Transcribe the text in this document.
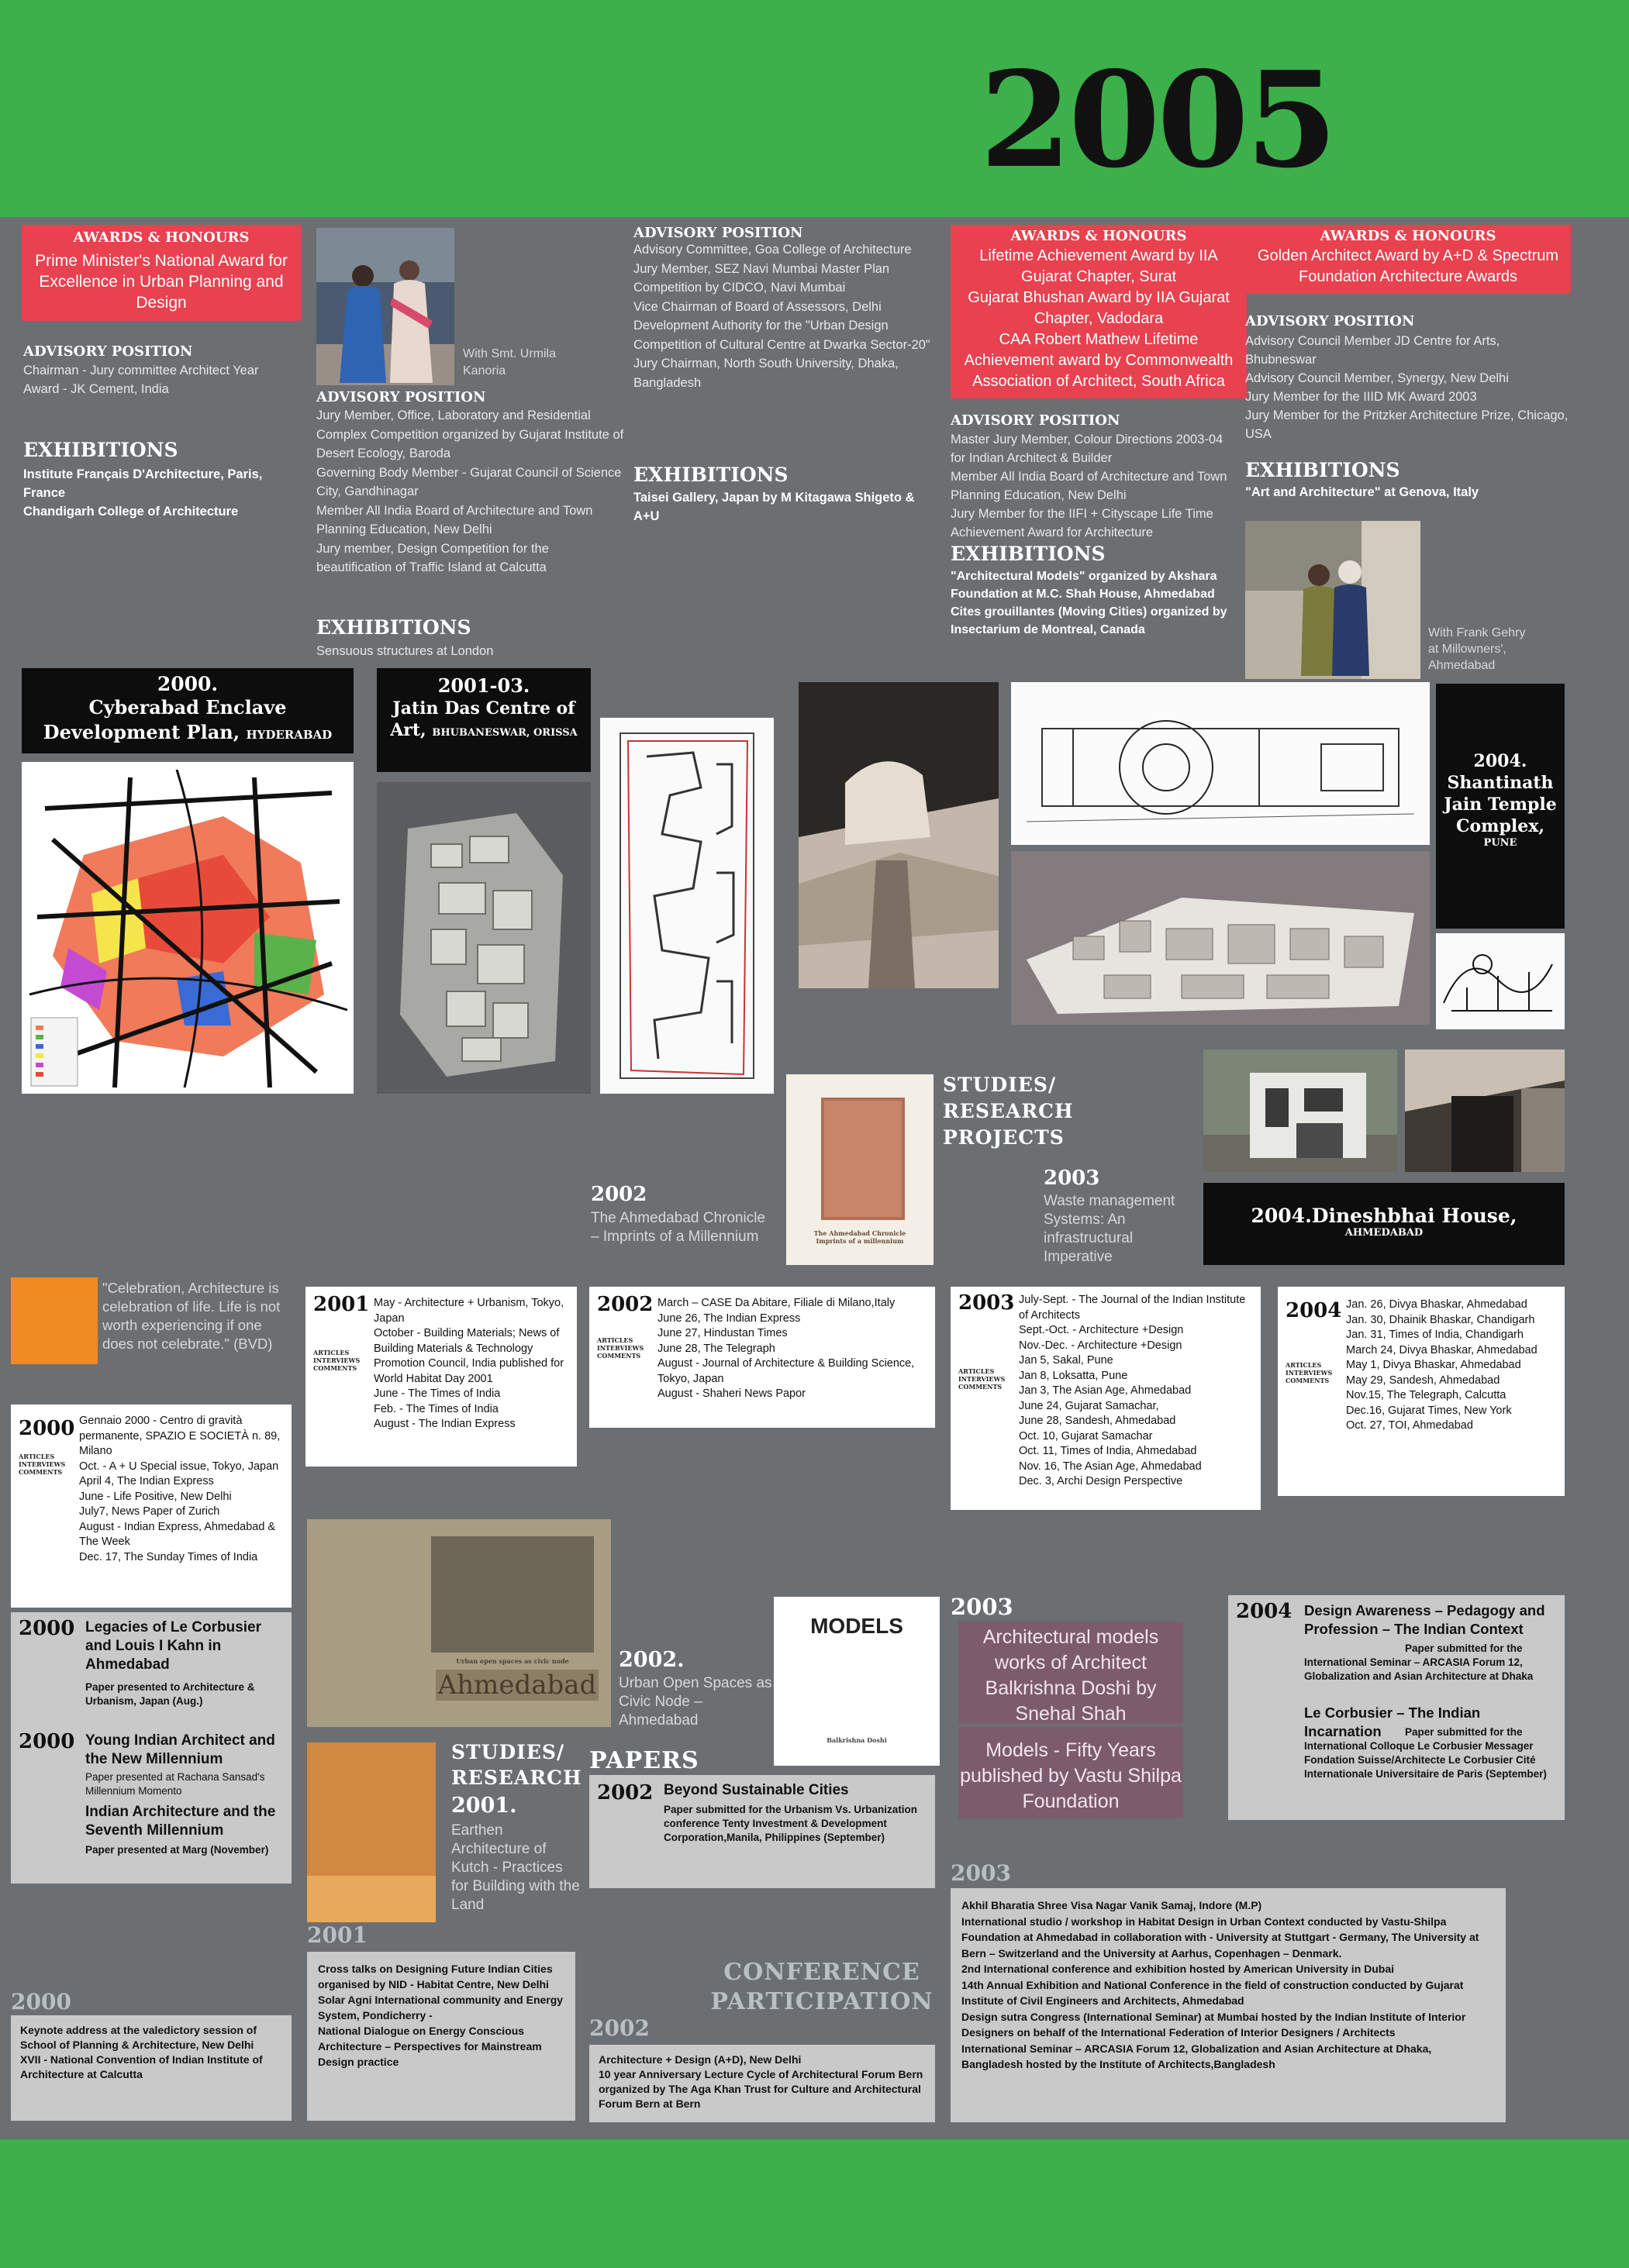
2005
AWARDS & HONOURS
Prime Minister's National Award for Excellence in Urban Planning and Design
ADVISORY POSITION
Chairman - Jury committee Architect Year Award - JK Cement, India
EXHIBITIONS
Institute Français D'Architecture, Paris, France
Chandigarh College of Architecture
With Smt. Urmila Kanoria
ADVISORY POSITION
Jury Member, Office, Laboratory and Residential Complex Competition organized by Gujarat Institute of Desert Ecology, Baroda
Governing Body Member - Gujarat Council of Science City, Gandhinagar
Member All India Board of Architecture and Town Planning Education, New Delhi
Jury member, Design Competition for the beautification of Traffic Island at Calcutta
EXHIBITIONS
Sensuous structures at London
ADVISORY POSITION
Advisory Committee, Goa College of Architecture
Jury Member, SEZ Navi Mumbai Master Plan Competition by CIDCO, Navi Mumbai
Vice Chairman of Board of Assessors, Delhi Development Authority for the "Urban Design Competition of Cultural Centre at Dwarka Sector-20"
Jury Chairman, North South University, Dhaka, Bangladesh
EXHIBITIONS
Taisei Gallery, Japan by M Kitagawa Shigeto & A+U
AWARDS & HONOURS
Lifetime Achievement Award by IIA Gujarat Chapter, Surat
Gujarat Bhushan Award by IIA Gujarat Chapter, Vadodara
CAA Robert Mathew Lifetime Achievement award by Commonwealth Association of Architect, South Africa
ADVISORY POSITION
Master Jury Member, Colour Directions 2003-04 for Indian Architect & Builder
Member All India Board of Architecture and Town Planning Education, New Delhi
Jury Member for the IIFI + Cityscape Life Time Achievement Award for Architecture
EXHIBITIONS
"Architectural Models" organized by Akshara Foundation at M.C. Shah House, Ahmedabad
Cites grouillantes (Moving Cities) organized by Insectarium de Montreal, Canada
AWARDS & HONOURS
Golden Architect Award by A+D & Spectrum Foundation Architecture Awards
ADVISORY POSITION
Advisory Council Member JD Centre for Arts, Bhubneswar
Advisory Council Member, Synergy, New Delhi
Jury Member for the IIID MK Award 2003
Jury Member for the Pritzker Architecture Prize, Chicago, USA
EXHIBITIONS
"Art and Architecture" at Genova, Italy
With Frank Gehry at Millowners', Ahmedabad
2000.
Cyberabad Enclave Development Plan, HYDERABAD
2001-03.
Jatin Das Centre of Art, BHUBANESWAR, ORISSA
2004. Shantinath Jain Temple Complex,
PUNE
The Ahmedabad Chronicle Imprints of a millennium
STUDIES/ RESEARCH PROJECTS
2002
The Ahmedabad Chronicle – Imprints of a Millennium
2003
Waste management Systems: An infrastructural Imperative
2004.Dineshbhai House,
AHMEDABAD
"Celebration, Architecture is celebration of life. Life is not worth experiencing if one does not celebrate." (BVD)
2000
ARTICLES INTERVIEWS COMMENTS
Gennaio 2000 - Centro di gravità permanente, SPAZIO E SOCIETÀ n. 89, Milano
Oct. - A + U Special issue, Tokyo, Japan
April 4, The Indian Express
June - Life Positive, New Delhi
July7, News Paper of Zurich
August - Indian Express, Ahmedabad & The Week
Dec. 17, The Sunday Times of India
2001
ARTICLES INTERVIEWS COMMENTS
May - Architecture + Urbanism, Tokyo, Japan
October - Building Materials; News of Building Materials & Technology Promotion Council, India published for World Habitat Day 2001
June - The Times of India
Feb. - The Times of India
August - The Indian Express
2002
ARTICLES INTERVIEWS COMMENTS
March – CASE Da Abitare, Filiale di Milano,Italy
June 26, The Indian Express
June 27, Hindustan Times
June 28, The Telegraph
August - Journal of Architecture & Building Science, Tokyo, Japan
August - Shaheri News Papor
2003
ARTICLES INTERVIEWS COMMENTS
July-Sept. - The Journal of the Indian Institute of Architects
Sept.-Oct. - Architecture +Design
Nov.-Dec. - Architecture +Design
Jan 5, Sakal, Pune
Jan 8, Loksatta, Pune
Jan 3, The Asian Age, Ahmedabad
June 24, Gujarat Samachar,
June 28, Sandesh, Ahmedabad
Oct. 10, Gujarat Samachar
Oct. 11, Times of India, Ahmedabad
Nov. 16, The Asian Age, Ahmedabad
Dec. 3, Archi Design Perspective
2004
ARTICLES INTERVIEWS COMMENTS
Jan. 26, Divya Bhaskar, Ahmedabad
Jan. 30, Dhainik Bhaskar, Chandigarh
Jan. 31, Times of India, Chandigarh
March 24, Divya Bhaskar, Ahmedabad
May 1, Divya Bhaskar, Ahmedabad
May 29, Sandesh, Ahmedabad
Nov.15, The Telegraph, Calcutta
Dec.16, Gujarat Times, New York
Oct. 27, TOI, Ahmedabad
2000 Legacies of Le Corbusier and Louis I Kahn in Ahmedabad
Paper presented to Architecture & Urbanism, Japan (Aug.)
2000 Young Indian Architect and the New Millennium
Paper presented at Rachana Sansad's Millennium Momento
Indian Architecture and the Seventh Millennium
Paper presented at Marg (November)
Urban open spaces as civic node
Ahmedabad
2002.
Urban Open Spaces as Civic Node – Ahmedabad
STUDIES/ RESEARCH
2001.
Earthen Architecture of Kutch - Practices for Building with the Land
PAPERS
2002 Beyond Sustainable Cities
Paper submitted for the Urbanism Vs. Urbanization conference Tenty Investment & Development Corporation,Manila, Philippines (September)
MODELS
Balkrishna Doshi
2003
Architectural models works of Architect Balkrishna Doshi by Snehal Shah
Models - Fifty Years published by Vastu Shilpa Foundation
2004 Design Awareness – Pedagogy and Profession – The Indian Context
Paper submitted for the International Seminar – ARCASIA Forum 12, Globalization and Asian Architecture at Dhaka
Le Corbusier – The Indian Incarnation	Paper submitted for the International Colloque Le Corbusier Messager Fondation Suisse/Architecte Le Corbusier Cité Internationale Universitaire de Paris (September)
CONFERENCE PARTICIPATION
2000
Keynote address at the valedictory session of School of Planning & Architecture, New Delhi
XVII - National Convention of Indian Institute of Architecture at Calcutta
2001
Cross talks on Designing Future Indian Cities organised by NID - Habitat Centre, New Delhi
Solar Agni International community and Energy System, Pondicherry -
National Dialogue on Energy Conscious Architecture – Perspectives for Mainstream Design practice
2002
Architecture + Design (A+D), New Delhi
10 year Anniversary Lecture Cycle of Architectural Forum Bern organized by The Aga Khan Trust for Culture and Architectural Forum Bern at Bern
2003
Akhil Bharatia Shree Visa Nagar Vanik Samaj, Indore (M.P)
International studio / workshop in Habitat Design in Urban Context conducted by Vastu-Shilpa Foundation at Ahmedabad in collaboration with - University at Stuttgart - Germany, The University at Bern – Switzerland and the University at Aarhus, Copenhagen – Denmark.
2nd International conference and exhibition hosted by American University in Dubai
14th Annual Exhibition and National Conference in the field of construction conducted by Gujarat Institute of Civil Engineers and Architects, Ahmedabad
Design sutra Congress (International Seminar) at Mumbai hosted by the Indian Institute of Interior Designers on behalf of the International Federation of Interior Designers / Architects
International Seminar – ARCASIA Forum 12, Globalization and Asian Architecture at Dhaka, Bangladesh hosted by the Institute of Architects,Bangladesh
